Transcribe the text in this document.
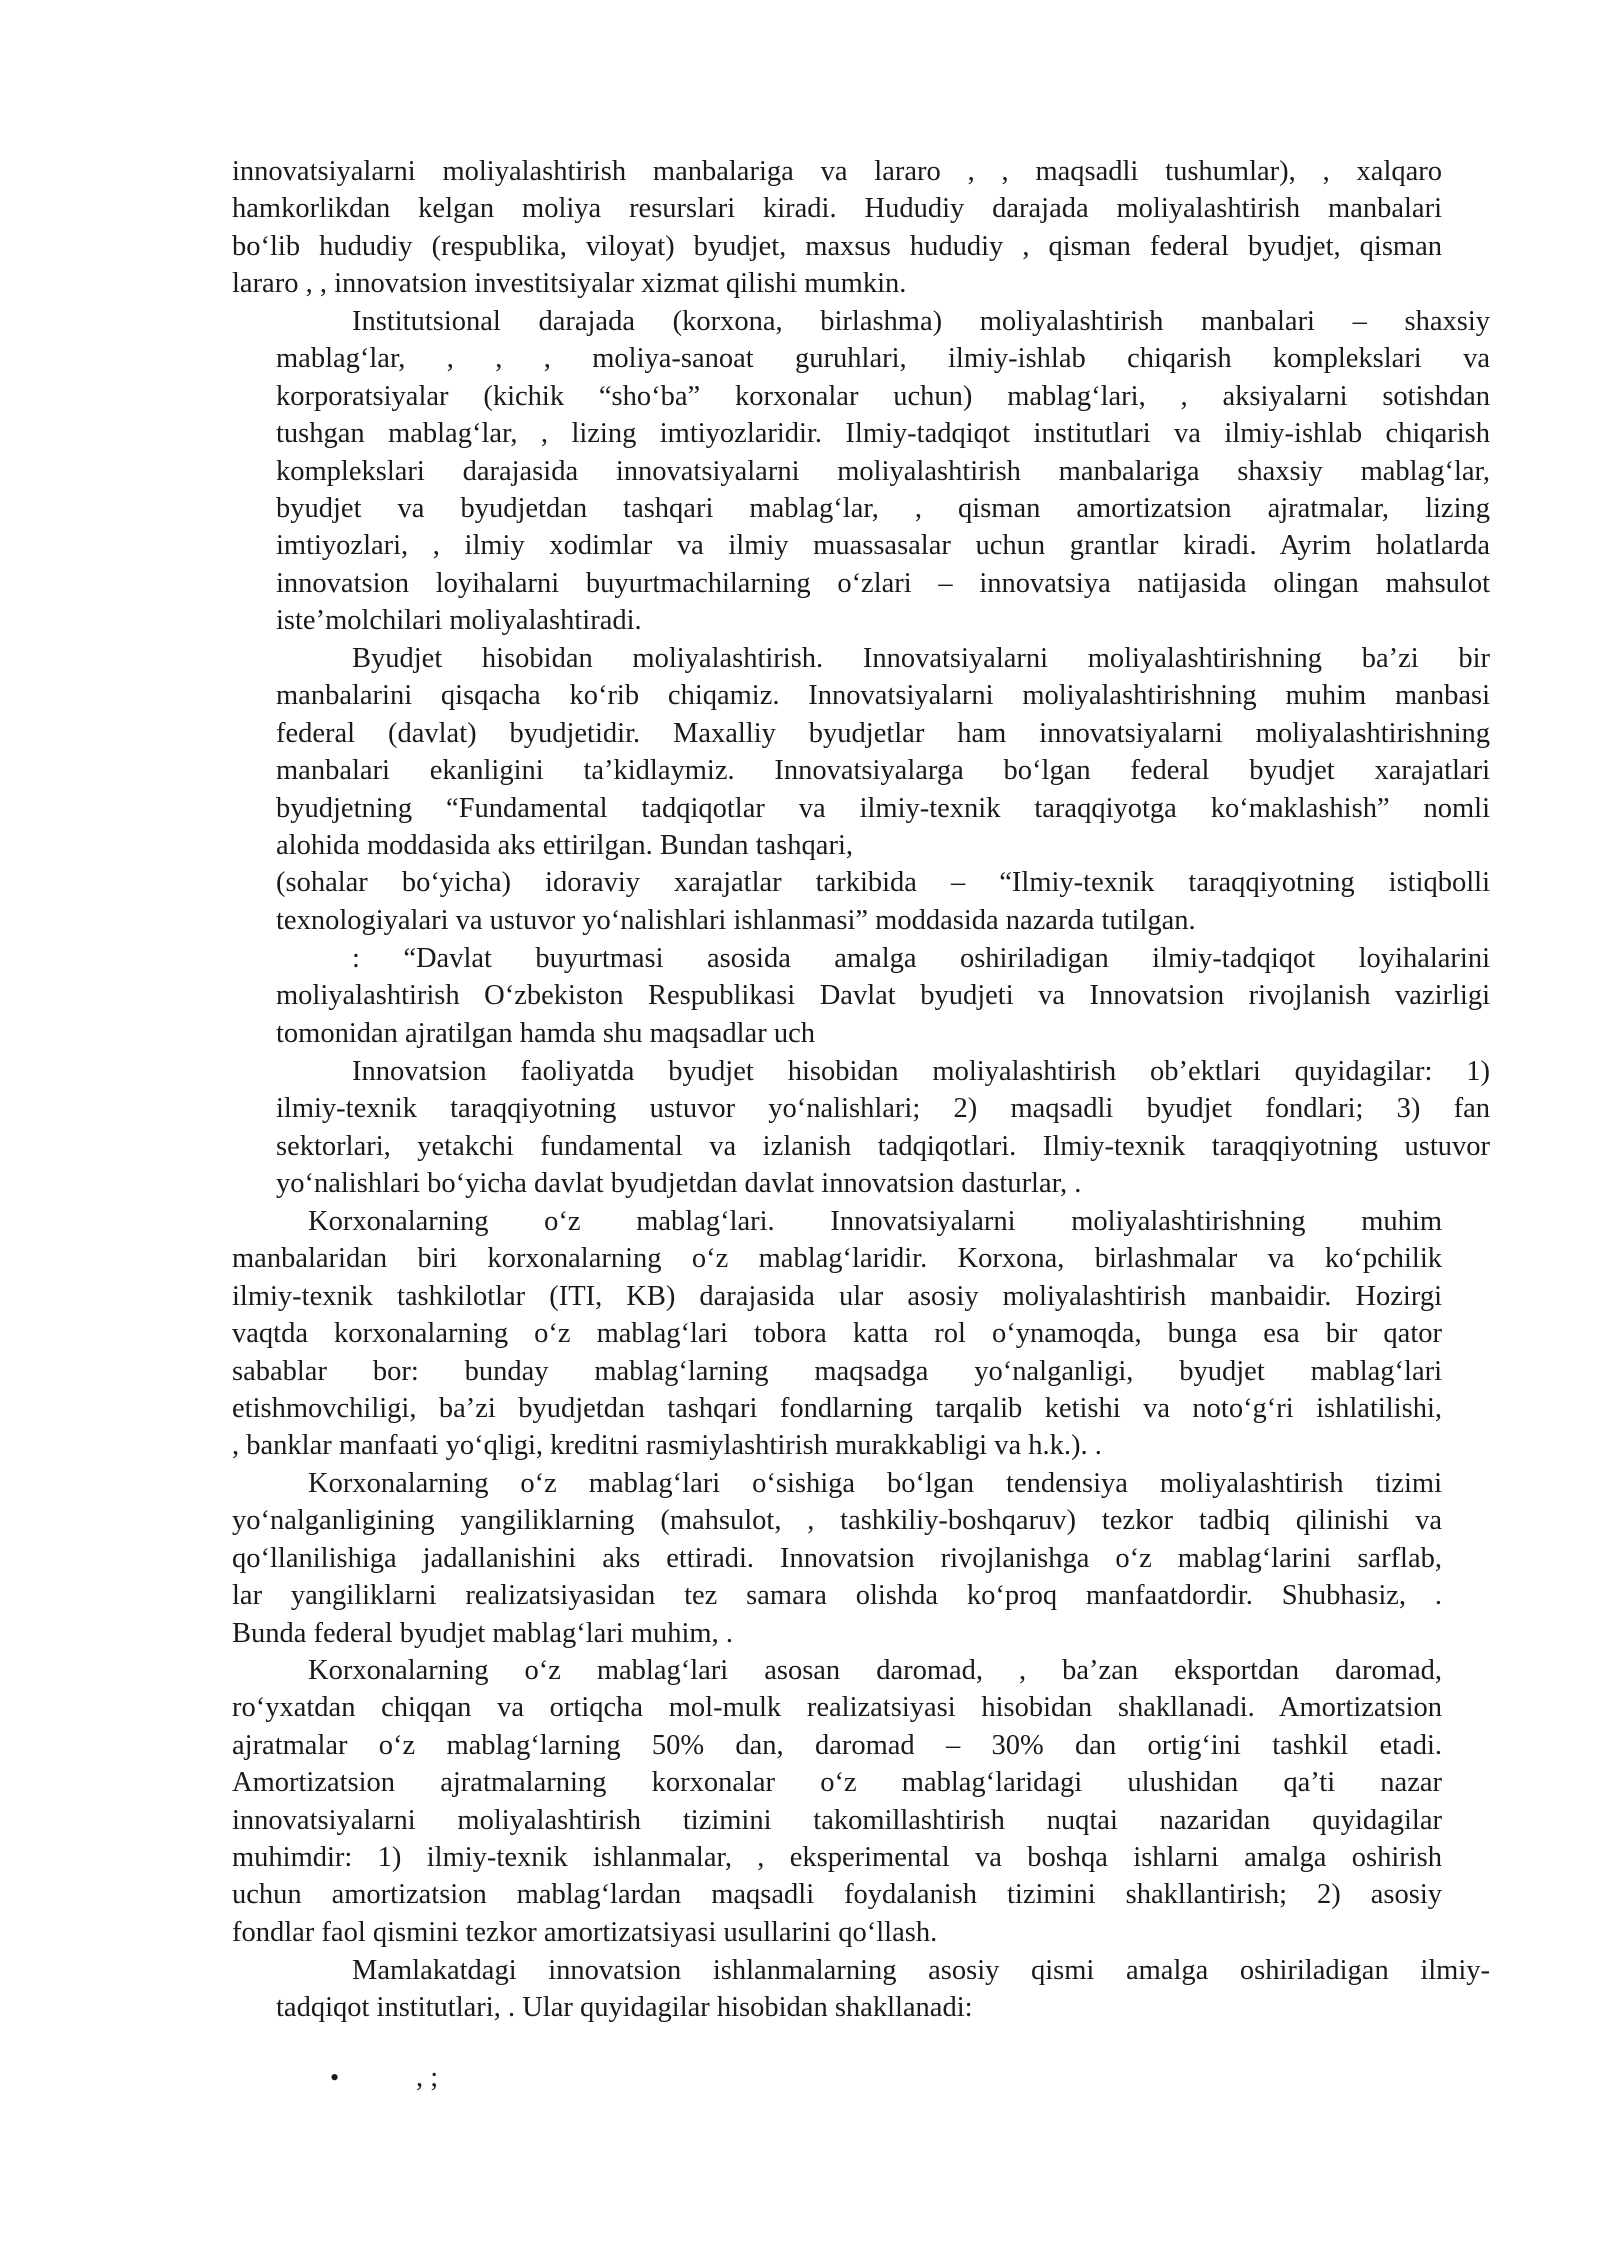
innovatsiyalarni moliyalashtirish manbalariga va lararo , , maqsadli tushumlar), , xalqaro
hamkorlikdan kelgan moliya resurslari kiradi. Hududiy darajada moliyalashtirish manbalari
bo‘lib hududiy (respublika, viloyat) byudjet, maxsus hududiy , qisman federal byudjet, qisman
lararo , , innovatsion investitsiyalar xizmat qilishi mumkin.
Institutsional darajada (korxona, birlashma) moliyalashtirish manbalari – shaxsiy
mablag‘lar, , , , moliya-sanoat guruhlari, ilmiy-ishlab chiqarish komplekslari va
korporatsiyalar (kichik “sho‘ba” korxonalar uchun) mablag‘lari, , aksiyalarni sotishdan
tushgan mablag‘lar, , lizing imtiyozlaridir. Ilmiy-tadqiqot institutlari va ilmiy-ishlab chiqarish
komplekslari darajasida innovatsiyalarni moliyalashtirish manbalariga shaxsiy mablag‘lar,
byudjet va byudjetdan tashqari mablag‘lar, , qisman amortizatsion ajratmalar, lizing
imtiyozlari, , ilmiy xodimlar va ilmiy muassasalar uchun grantlar kiradi. Ayrim holatlarda
innovatsion loyihalarni buyurtmachilarning o‘zlari – innovatsiya natijasida olingan mahsulot
iste’molchilari moliyalashtiradi.
Byudjet hisobidan moliyalashtirish. Innovatsiyalarni moliyalashtirishning ba’zi bir
manbalarini qisqacha ko‘rib chiqamiz. Innovatsiyalarni moliyalashtirishning muhim manbasi
federal (davlat) byudjetidir. Maxalliy byudjetlar ham innovatsiyalarni moliyalashtirishning
manbalari ekanligini ta’kidlaymiz. Innovatsiyalarga bo‘lgan federal byudjet xarajatlari
byudjetning “Fundamental tadqiqotlar va ilmiy-texnik taraqqiyotga ko‘maklashish” nomli
alohida moddasida aks ettirilgan. Bundan tashqari,
(sohalar bo‘yicha) idoraviy xarajatlar tarkibida – “Ilmiy-texnik taraqqiyotning istiqbolli
texnologiyalari va ustuvor yo‘nalishlari ishlanmasi” moddasida nazarda tutilgan.
: “Davlat buyurtmasi asosida amalga oshiriladigan ilmiy-tadqiqot loyihalarini
moliyalashtirish O‘zbekiston Respublikasi Davlat byudjeti va Innovatsion rivojlanish vazirligi
tomonidan ajratilgan hamda shu maqsadlar uch
Innovatsion faoliyatda byudjet hisobidan moliyalashtirish ob’ektlari quyidagilar: 1)
ilmiy-texnik taraqqiyotning ustuvor yo‘nalishlari; 2) maqsadli byudjet fondlari; 3) fan
sektorlari, yetakchi fundamental va izlanish tadqiqotlari. Ilmiy-texnik taraqqiyotning ustuvor
yo‘nalishlari bo‘yicha davlat byudjetdan davlat innovatsion dasturlar, .
Korxonalarning o‘z mablag‘lari. Innovatsiyalarni moliyalashtirishning muhim
manbalaridan biri korxonalarning o‘z mablag‘laridir. Korxona, birlashmalar va ko‘pchilik
ilmiy-texnik tashkilotlar (ITI, KB) darajasida ular asosiy moliyalashtirish manbaidir. Hozirgi
vaqtda korxonalarning o‘z mablag‘lari tobora katta rol o‘ynamoqda, bunga esa bir qator
sabablar bor: bunday mablag‘larning maqsadga yo‘nalganligi, byudjet mablag‘lari
etishmovchiligi, ba’zi byudjetdan tashqari fondlarning tarqalib ketishi va noto‘g‘ri ishlatilishi,
, banklar manfaati yo‘qligi, kreditni rasmiylashtirish murakkabligi va h.k.). .
Korxonalarning o‘z mablag‘lari o‘sishiga bo‘lgan tendensiya moliyalashtirish tizimi
yo‘nalganligining yangiliklarning (mahsulot, , tashkiliy-boshqaruv) tezkor tadbiq qilinishi va
qo‘llanilishiga jadallanishini aks ettiradi. Innovatsion rivojlanishga o‘z mablag‘larini sarflab,
lar yangiliklarni realizatsiyasidan tez samara olishda ko‘proq manfaatdordir. Shubhasiz, .
Bunda federal byudjet mablag‘lari muhim, .
Korxonalarning o‘z mablag‘lari asosan daromad, , ba’zan eksportdan daromad,
ro‘yxatdan chiqqan va ortiqcha mol-mulk realizatsiyasi hisobidan shakllanadi. Amortizatsion
ajratmalar o‘z mablag‘larning 50% dan, daromad – 30% dan ortig‘ini tashkil etadi.
Amortizatsion ajratmalarning korxonalar o‘z mablag‘laridagi ulushidan qa’ti nazar
innovatsiyalarni moliyalashtirish tizimini takomillashtirish nuqtai nazaridan quyidagilar
muhimdir: 1) ilmiy-texnik ishlanmalar, , eksperimental va boshqa ishlarni amalga oshirish
uchun amortizatsion mablag‘lardan maqsadli foydalanish tizimini shakllantirish; 2) asosiy
fondlar faol qismini tezkor amortizatsiyasi usullarini qo‘llash.
Mamlakatdagi innovatsion ishlanmalarning asosiy qismi amalga oshiriladigan ilmiy-
tadqiqot institutlari, . Ular quyidagilar hisobidan shakllanadi:
•	, ;
